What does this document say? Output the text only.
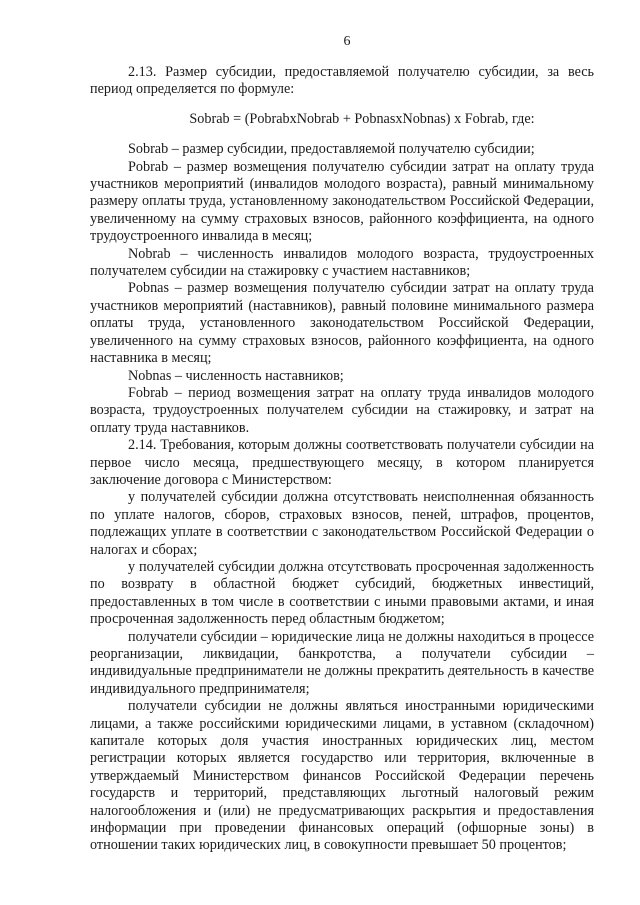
6

2.13. Размер субсидии, предоставляемой получателю субсидии, за весь период определяется по формуле:

Sobrab = (PobrabxNobrab + PobnasxNobnas) x Fobrab, где:

Sobrab – размер субсидии, предоставляемой получателю субсидии;

Pobrab – размер возмещения получателю субсидии затрат на оплату труда участников мероприятий (инвалидов молодого возраста), равный минимальному размеру оплаты труда, установленному законодательством Российской Федерации, увеличенному на сумму страховых взносов, районного коэффициента, на одного трудоустроенного инвалида в месяц;

Nobrab – численность инвалидов молодого возраста, трудоустроенных получателем субсидии на стажировку с участием наставников;

Pobnas – размер возмещения получателю субсидии затрат на оплату труда участников мероприятий (наставников), равный половине минимального размера оплаты труда, установленного законодательством Российской Федерации, увеличенного на сумму страховых взносов, районного коэффициента, на одного наставника в месяц;

Nobnas – численность наставников;

Fobrab – период возмещения затрат на оплату труда инвалидов молодого возраста, трудоустроенных получателем субсидии на стажировку, и затрат на оплату труда наставников.

2.14. Требования, которым должны соответствовать получатели субсидии на первое число месяца, предшествующего месяцу, в котором планируется заключение договора с Министерством:

у получателей субсидии должна отсутствовать неисполненная обязанность по уплате налогов, сборов, страховых взносов, пеней, штрафов, процентов, подлежащих уплате в соответствии с законодательством Российской Федерации о налогах и сборах;

у получателей субсидии должна отсутствовать просроченная задолженность по возврату в областной бюджет субсидий, бюджетных инвестиций, предоставленных в том числе в соответствии с иными правовыми актами, и иная просроченная задолженность перед областным бюджетом;

получатели субсидии – юридические лица не должны находиться в процессе реорганизации, ликвидации, банкротства, а получатели субсидии – индивидуальные предприниматели не должны прекратить деятельность в качестве индивидуального предпринимателя;

получатели субсидии не должны являться иностранными юридическими лицами, а также российскими юридическими лицами, в уставном (складочном) капитале которых доля участия иностранных юридических лиц, местом регистрации которых является государство или территория, включенные в утверждаемый Министерством финансов Российской Федерации перечень государств и территорий, представляющих льготный налоговый режим налогообложения и (или) не предусматривающих раскрытия и предоставления информации при проведении финансовых операций (офшорные зоны) в отношении таких юридических лиц, в совокупности превышает 50 процентов;
